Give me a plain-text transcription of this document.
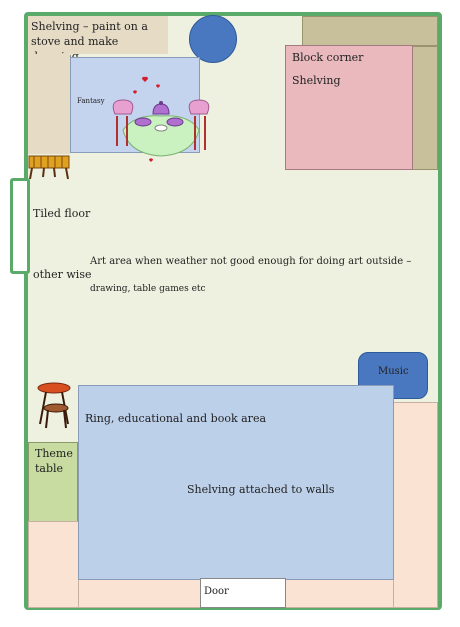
Shelving – paint on a stove and make
Fantasy
Block corner
Shelving
Tiled floor
other wise
Art area when weather not good enough for doing art outside –
drawing, table games etc
Music
Theme table
Ring, educational and book area
Shelving attached to walls
Door
